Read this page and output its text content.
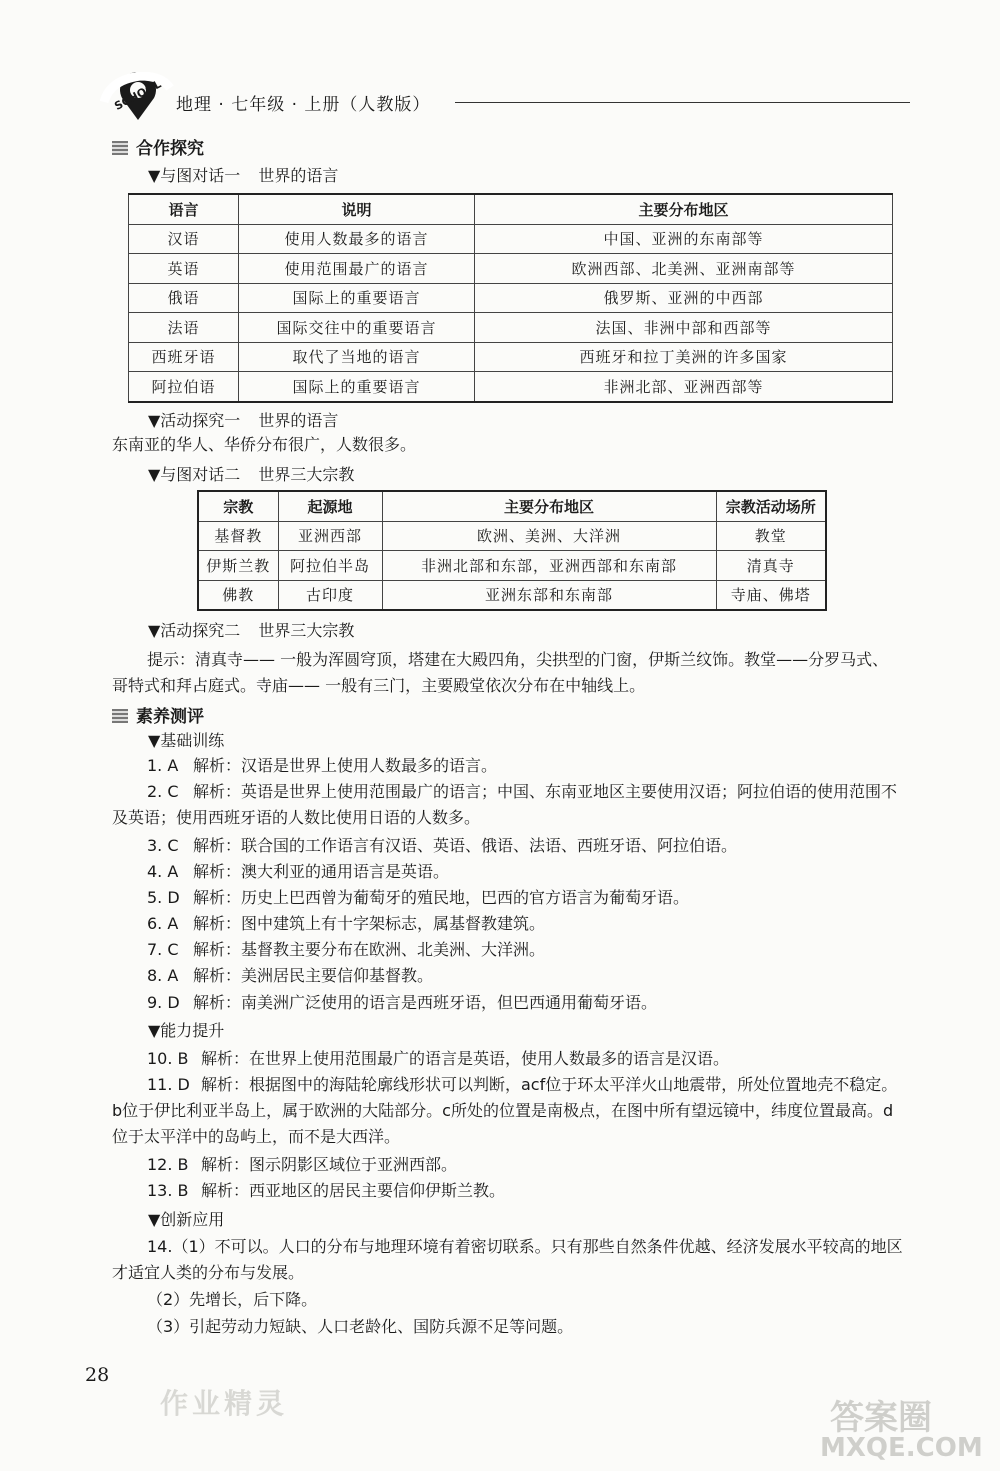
SCHOOL 地理 · 七年级 · 上册（人教版）
合作探究
▼与图对话一 世界的语言
语言	说明	主要分布地区
汉语	使用人数最多的语言	中国、亚洲的东南部等
英语	使用范围最广的语言	欧洲西部、北美洲、亚洲南部等
俄语	国际上的重要语言	俄罗斯、亚洲的中西部
法语	国际交往中的重要语言	法国、非洲中部和西部等
西班牙语	取代了当地的语言	西班牙和拉丁美洲的许多国家
阿拉伯语	国际上的重要语言	非洲北部、亚洲西部等
▼活动探究一 世界的语言
东南亚的华人、华侨分布很广，人数很多。
▼与图对话二 世界三大宗教
宗教	起源地	主要分布地区	宗教活动场所
基督教	亚洲西部	欧洲、美洲、大洋洲	教堂
伊斯兰教	阿拉伯半岛	非洲北部和东部，亚洲西部和东南部	清真寺
佛教	古印度	亚洲东部和东南部	寺庙、佛塔
▼活动探究二 世界三大宗教
提示：清真寺—— 一般为浑圆穹顶，塔建在大殿四角，尖拱型的门窗，伊斯兰纹饰。教堂——分罗马式、哥特式和拜占庭式。寺庙—— 一般有三门，主要殿堂依次分布在中轴线上。
素养测评
▼基础训练
1. A 解析：汉语是世界上使用人数最多的语言。
2. C 解析：英语是世界上使用范围最广的语言；中国、东南亚地区主要使用汉语；阿拉伯语的使用范围不及英语；使用西班牙语的人数比使用日语的人数多。
3. C 解析：联合国的工作语言有汉语、英语、俄语、法语、西班牙语、阿拉伯语。
4. A 解析：澳大利亚的通用语言是英语。
5. D 解析：历史上巴西曾为葡萄牙的殖民地，巴西的官方语言为葡萄牙语。
6. A 解析：图中建筑上有十字架标志，属基督教建筑。
7. C 解析：基督教主要分布在欧洲、北美洲、大洋洲。
8. A 解析：美洲居民主要信仰基督教。
9. D 解析：南美洲广泛使用的语言是西班牙语，但巴西通用葡萄牙语。
▼能力提升
10. B 解析：在世界上使用范围最广的语言是英语，使用人数最多的语言是汉语。
11. D 解析：根据图中的海陆轮廓线形状可以判断，acf位于环太平洋火山地震带，所处位置地壳不稳定。b位于伊比利亚半岛上，属于欧洲的大陆部分。c所处的位置是南极点，在图中所有望远镜中，纬度位置最高。d位于太平洋中的岛屿上，而不是大西洋。
12. B 解析：图示阴影区域位于亚洲西部。
13. B 解析：西亚地区的居民主要信仰伊斯兰教。
▼创新应用
14.（1）不可以。人口的分布与地理环境有着密切联系。只有那些自然条件优越、经济发展水平较高的地区才适宜人类的分布与发展。
（2）先增长，后下降。
（3）引起劳动力短缺、人口老龄化、国防兵源不足等问题。
28
作业精灵	答案圈
MXQE.COM
